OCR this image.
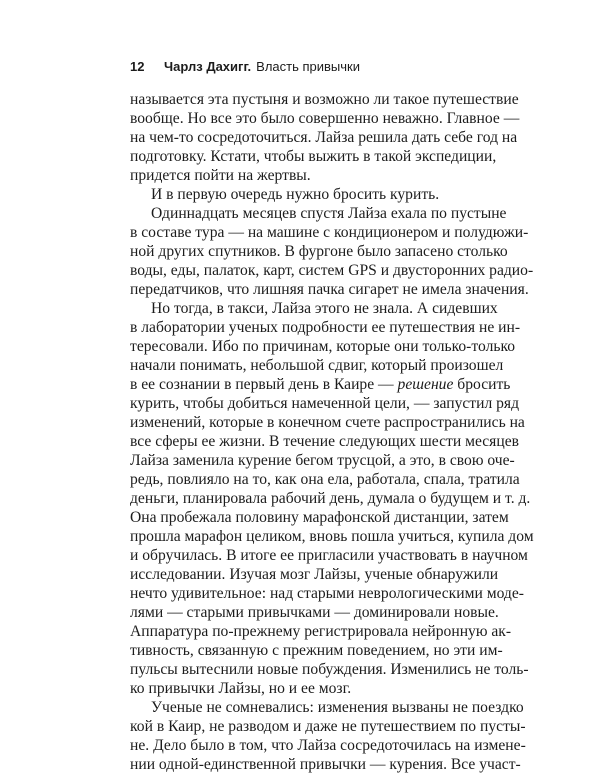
12 Чарлз Дахигг. Власть привычки
называется эта пустыня и возможно ли такое путешествие
вообще. Но все это было совершенно неважно. Главное —
на чем-то сосредоточиться. Лайза решила дать себе год на
подготовку. Кстати, чтобы выжить в такой экспедиции,
придется пойти на жертвы.
И в первую очередь нужно бросить курить.
Одиннадцать месяцев спустя Лайза ехала по пустыне
в составе тура — на машине с кондиционером и полудюжи-
ной других спутников. В фургоне было запасено столько
воды, еды, палаток, карт, систем GPS и двусторонних радио-
передатчиков, что лишняя пачка сигарет не имела значения.
Но тогда, в такси, Лайза этого не знала. А сидевших
в лаборатории ученых подробности ее путешествия не ин-
тересовали. Ибо по причинам, которые они только-только
начали понимать, небольшой сдвиг, который произошел
в ее сознании в первый день в Каире — решение бросить
курить, чтобы добиться намеченной цели, — запустил ряд
изменений, которые в конечном счете распространились на
все сферы ее жизни. В течение следующих шести месяцев
Лайза заменила курение бегом трусцой, а это, в свою оче-
редь, повлияло на то, как она ела, работала, спала, тратила
деньги, планировала рабочий день, думала о будущем и т. д.
Она пробежала половину марафонской дистанции, затем
прошла марафон целиком, вновь пошла учиться, купила дом
и обручилась. В итоге ее пригласили участвовать в научном
исследовании. Изучая мозг Лайзы, ученые обнаружили
нечто удивительное: над старыми неврологическими моде-
лями — старыми привычками — доминировали новые.
Аппаратура по-прежнему регистрировала нейронную ак-
тивность, связанную с прежним поведением, но эти им-
пульсы вытеснили новые побуждения. Изменились не толь-
ко привычки Лайзы, но и ее мозг.
Ученые не сомневались: изменения вызваны не поездко
кой в Каир, не разводом и даже не путешествием по пусты-
не. Дело было в том, что Лайза сосредоточилась на измене-
нии одной-единственной привычки — курения. Все участ-
